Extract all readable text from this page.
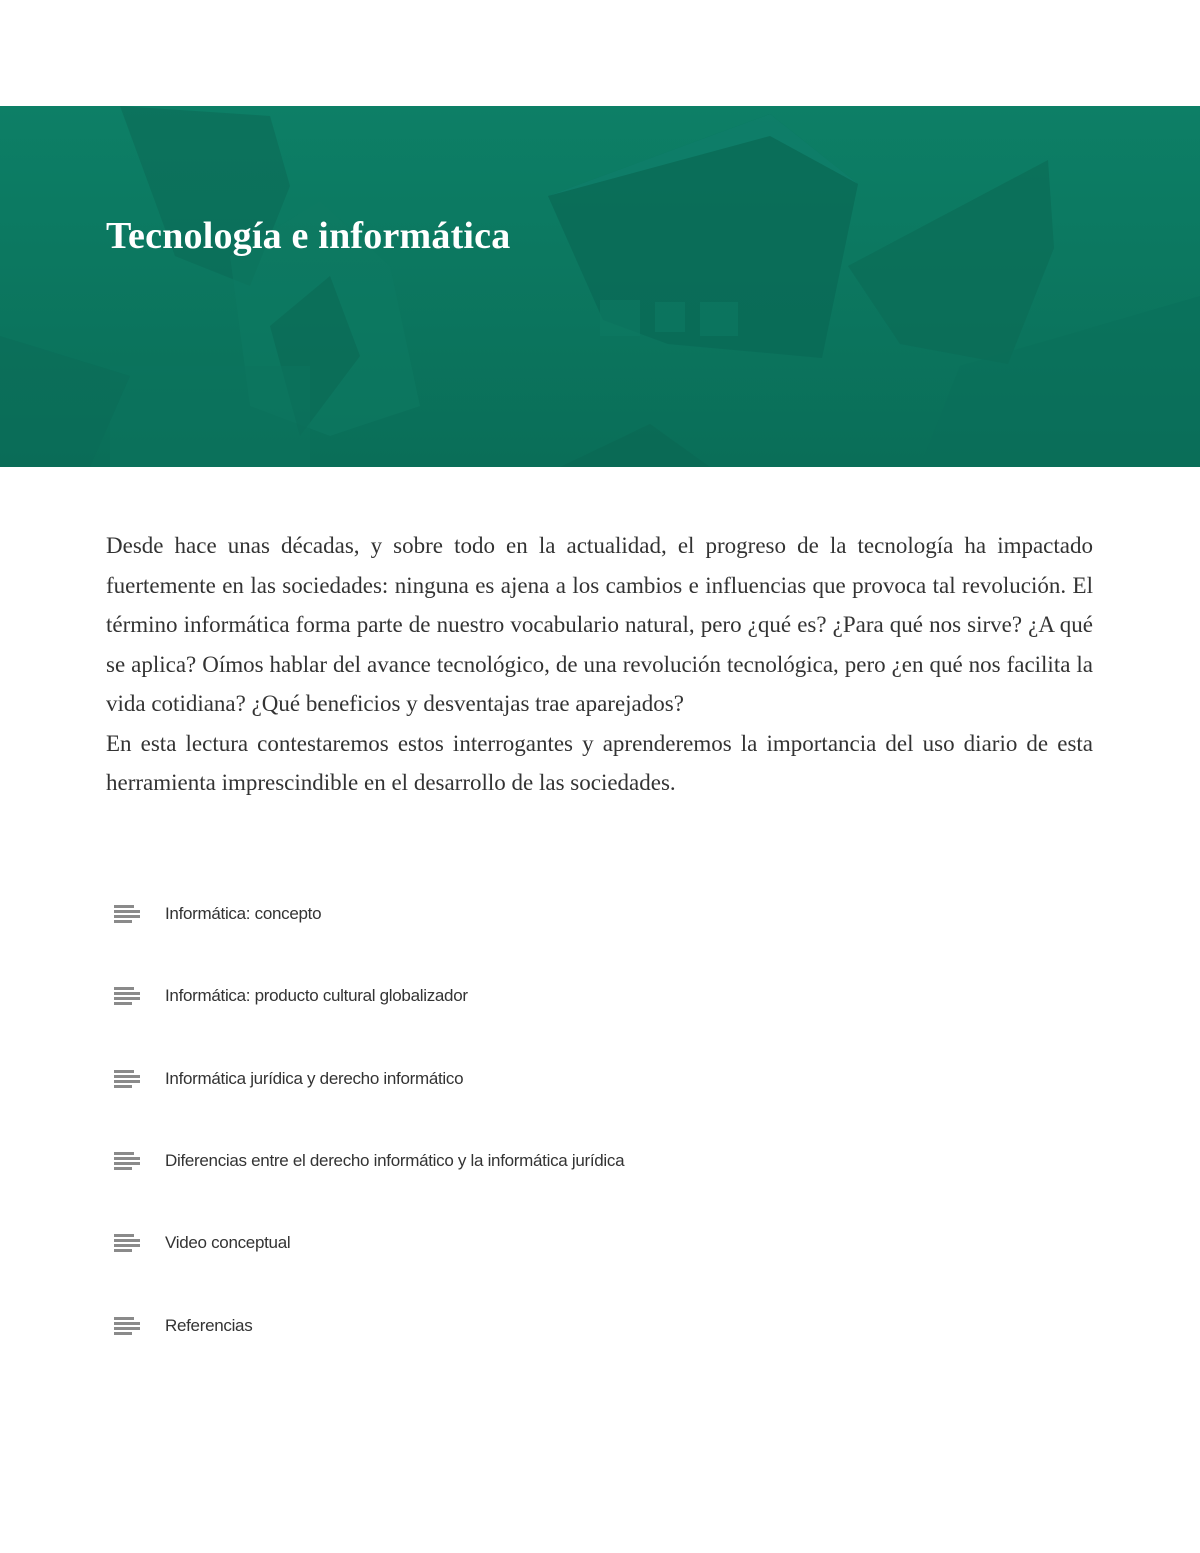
Tecnología e informática

Desde hace unas décadas, y sobre todo en la actualidad, el progreso de la tecnología ha impactado fuertemente en las sociedades: ninguna es ajena a los cambios e influencias que provoca tal revolución. El término informática forma parte de nuestro vocabulario natural, pero ¿qué es? ¿Para qué nos sirve? ¿A qué se aplica? Oímos hablar del avance tecnológico, de una revolución tecnológica, pero ¿en qué nos facilita la vida cotidiana? ¿Qué beneficios y desventajas trae aparejados?

En esta lectura contestaremos estos interrogantes y aprenderemos la importancia del uso diario de esta herramienta imprescindible en el desarrollo de las sociedades.

Informática: concepto
Informática: producto cultural globalizador
Informática jurídica y derecho informático
Diferencias entre el derecho informático y la informática jurídica
Video conceptual
Referencias
